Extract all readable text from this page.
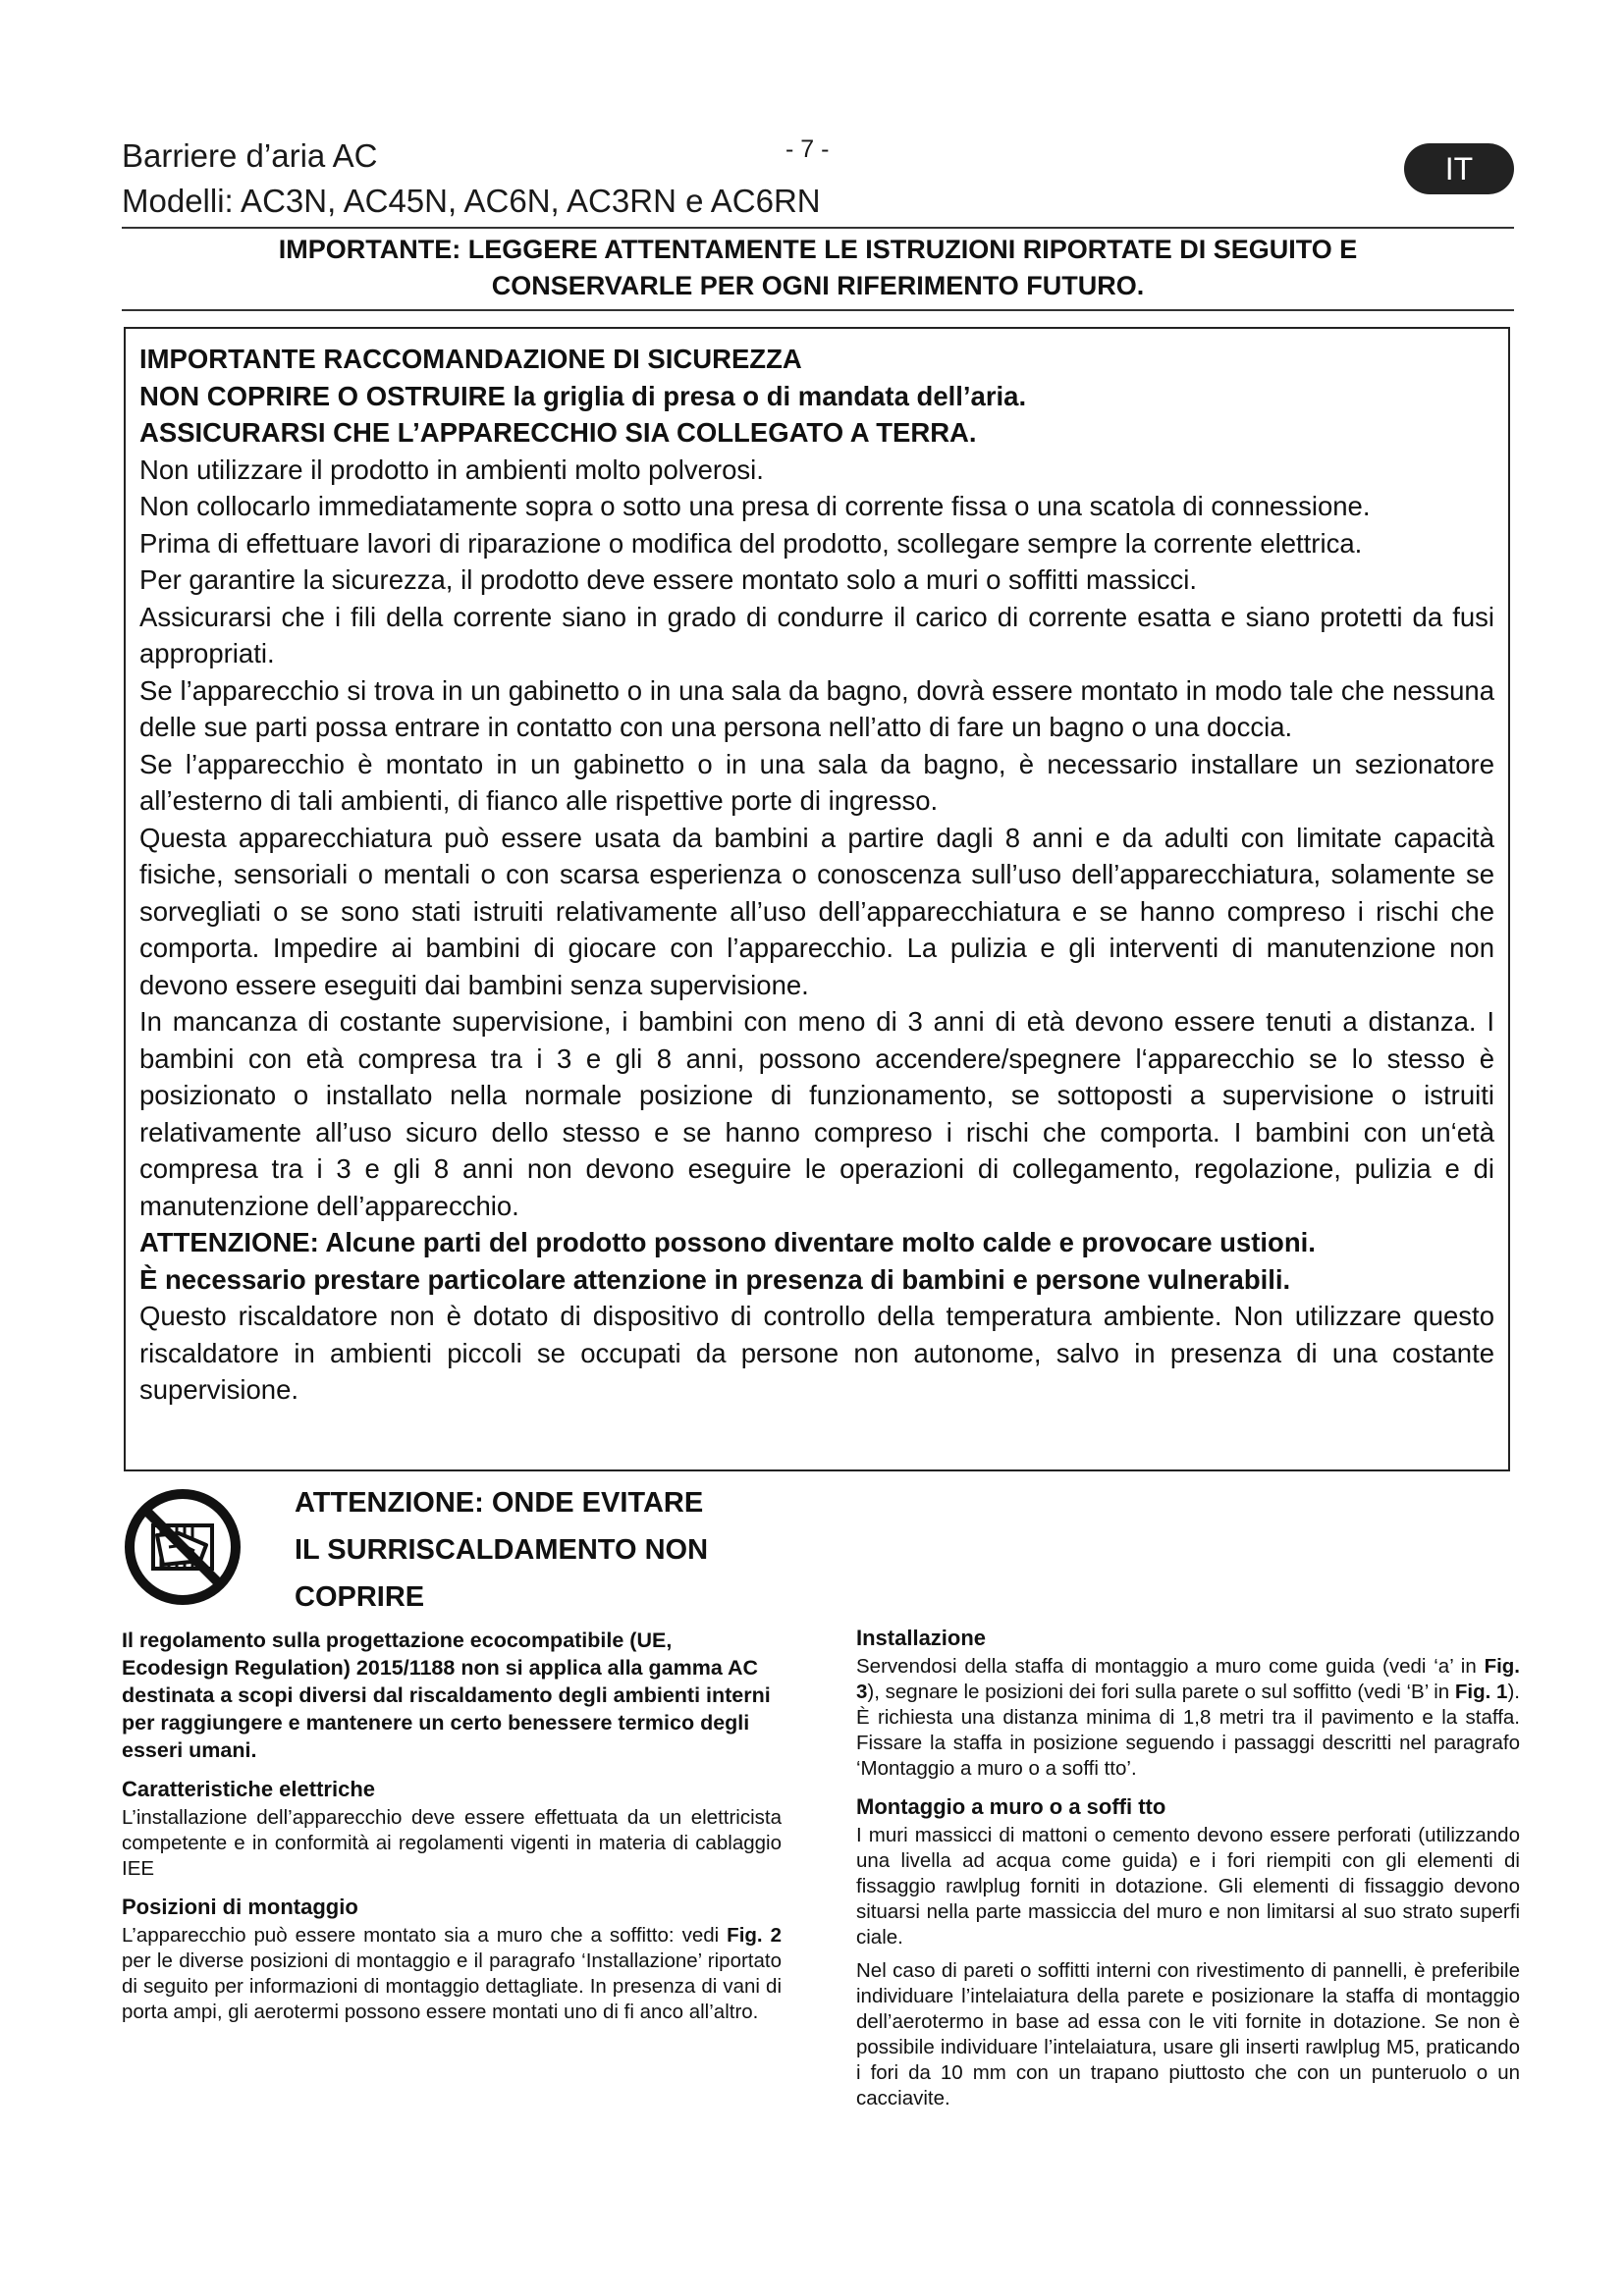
Barriere d’aria AC
Modelli: AC3N, AC45N, AC6N, AC3RN e AC6RN
- 7 -
IT
IMPORTANTE: LEGGERE ATTENTAMENTE LE ISTRUZIONI RIPORTATE DI SEGUITO E
CONSERVARLE PER OGNI RIFERIMENTO FUTURO.

IMPORTANTE RACCOMANDAZIONE DI SICUREZZA

NON COPRIRE O OSTRUIRE la griglia di presa o di mandata dell’aria.

ASSICURARSI CHE L’APPARECCHIO SIA COLLEGATO A TERRA.

Non utilizzare il prodotto in ambienti molto polverosi.

Non collocarlo immediatamente sopra o sotto una presa di corrente fissa o una scatola di connessione.

Prima di effettuare lavori di riparazione o modifica del prodotto, scollegare sempre la corrente elettrica.

Per garantire la sicurezza, il prodotto deve essere montato solo a muri o soffitti massicci.

Assicurarsi che i fili della corrente siano in grado di condurre il carico di corrente esatta e siano protetti da fusi appropriati.

Se l’apparecchio si trova in un gabinetto o in una sala da bagno, dovrà essere montato in modo tale che nessuna delle sue parti possa entrare in contatto con una persona nell’atto di fare un bagno o una doccia.

Se l’apparecchio è montato in un gabinetto o in una sala da bagno, è necessario installare un sezionatore all’esterno di tali ambienti, di fianco alle rispettive porte di ingresso.

Questa apparecchiatura può essere usata da bambini a partire dagli 8 anni e da adulti con limitate capacità fisiche, sensoriali o mentali o con scarsa esperienza o conoscenza sull’uso dell’apparecchiatura, solamente se sorvegliati o se sono stati istruiti relativamente all’uso dell’apparecchiatura e se hanno compreso i rischi che comporta. Impedire ai bambini di giocare con l’apparecchio. La pulizia e gli interventi di manutenzione non devono essere eseguiti dai bambini senza supervisione.

In mancanza di costante supervisione, i bambini con meno di 3 anni di età devono essere tenuti a distanza. I bambini con età compresa tra i 3 e gli 8 anni, possono accendere/spegnere l‘apparecchio se lo stesso è posizionato o installato nella normale posizione di funzionamento, se sottoposti a supervisione o istruiti relativamente all’uso sicuro dello stesso e se hanno compreso i rischi che comporta. I bambini con un‘età compresa tra i 3 e gli 8 anni non devono eseguire le operazioni di collegamento, regolazione, pulizia e di manutenzione dell’apparecchio.

ATTENZIONE: Alcune parti del prodotto possono diventare molto calde e provocare ustioni.

È necessario prestare particolare attenzione in presenza di bambini e persone vulnerabili.

Questo riscaldatore non è dotato di dispositivo di controllo della temperatura ambiente. Non utilizzare questo riscaldatore in ambienti piccoli se occupati da persone non autonome, salvo in presenza di una costante supervisione.

ATTENZIONE: ONDE EVITARE
IL SURRISCALDAMENTO NON
COPRIRE

Il regolamento sulla progettazione ecocompatibile (UE, Ecodesign Regulation) 2015/1188 non si applica alla gamma AC destinata a scopi diversi dal riscaldamento degli ambienti interni per raggiungere e mantenere un certo benessere termico degli esseri umani.

Caratteristiche elettriche

L’installazione dell’apparecchio deve essere effettuata da un elettricista competente e in conformità ai regolamenti vigenti in materia di cablaggio IEE

Posizioni di montaggio

L’apparecchio può essere montato sia a muro che a soffitto: vedi Fig. 2 per le diverse posizioni di montaggio e il paragrafo ‘Installazione’ riportato di seguito per informazioni di montaggio dettagliate. In presenza di vani di porta ampi, gli aerotermi possono essere montati uno di fi anco all’altro.

Installazione

Servendosi della staffa di montaggio a muro come guida (vedi ‘a’ in Fig. 3), segnare le posizioni dei fori sulla parete o sul soffitto (vedi ‘B’ in Fig. 1). È richiesta una distanza minima di 1,8 metri tra il pavimento e la staffa. Fissare la staffa in posizione seguendo i passaggi descritti nel paragrafo ‘Montaggio a muro o a soffi tto’.

Montaggio a muro o a soffi tto

I muri massicci di mattoni o cemento devono essere perforati (utilizzando una livella ad acqua come guida) e i fori riempiti con gli elementi di fissaggio rawlplug forniti in dotazione. Gli elementi di fissaggio devono situarsi nella parte massiccia del muro e non limitarsi al suo strato superfi ciale.

Nel caso di pareti o soffitti interni con rivestimento di pannelli, è preferibile individuare l’intelaiatura della parete e posizionare la staffa di montaggio dell’aerotermo in base ad essa con le viti fornite in dotazione. Se non è possibile individuare l’intelaiatura, usare gli inserti rawlplug M5, praticando i fori da 10 mm con un trapano piuttosto che con un punteruolo o un cacciavite.
